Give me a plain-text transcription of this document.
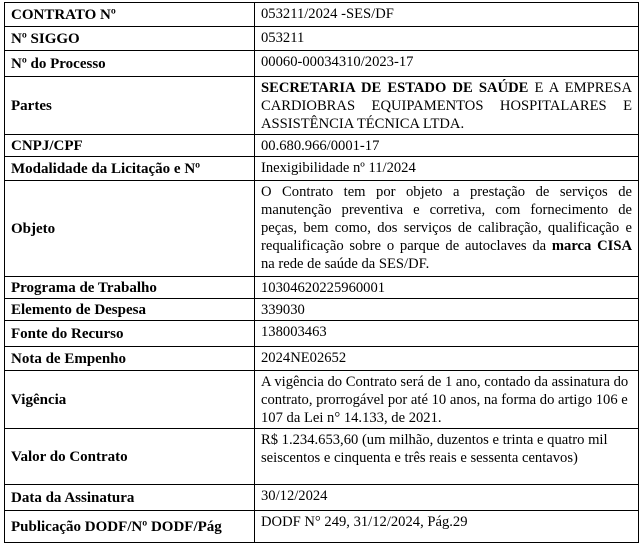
CONTRATO Nº	053211/2024 -SES/DF
Nº SIGGO	053211
Nº do Processo	00060-00034310/2023-17
Partes	SECRETARIA DE ESTADO DE SAÚDE E A EMPRESA CARDIOBRAS EQUIPAMENTOS HOSPITALARES E ASSISTÊNCIA TÉCNICA LTDA.
CNPJ/CPF	00.680.966/0001-17
Modalidade da Licitação e Nº	Inexigibilidade nº 11/2024
Objeto	O Contrato tem por objeto a prestação de serviços de manutenção preventiva e corretiva, com fornecimento de peças, bem como, dos serviços de calibração, qualificação e requalificação sobre o parque de autoclaves da marca CISA na rede de saúde da SES/DF.
Programa de Trabalho	10304620225960001
Elemento de Despesa	339030
Fonte do Recurso	138003463
Nota de Empenho	2024NE02652
Vigência	A vigência do Contrato será de 1 ano, contado da assinatura do contrato, prorrogável por até 10 anos, na forma do artigo 106 e 107 da Lei n° 14.133, de 2021.
Valor do Contrato	R$ 1.234.653,60 (um milhão, duzentos e trinta e quatro mil seiscentos e cinquenta e três reais e sessenta centavos)
Data da Assinatura	30/12/2024
Publicação DODF/Nº DODF/Pág	DODF N° 249, 31/12/2024, Pág.29
